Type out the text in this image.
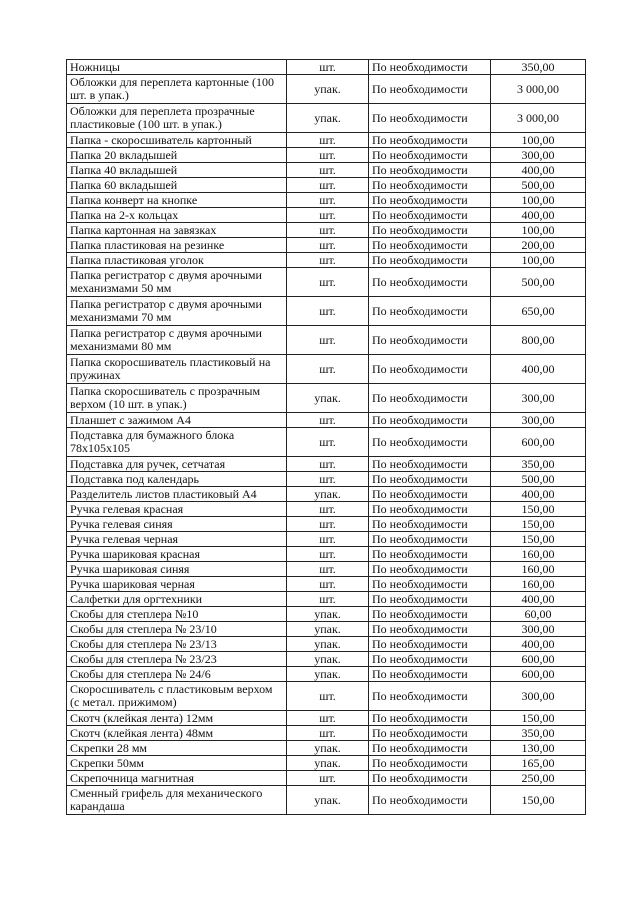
Ножницы	шт.	По необходимости	350,00
Обложки для переплета картонные (100 шт. в упак.)	упак.	По необходимости	3 000,00
Обложки для переплета прозрачные пластиковые (100 шт. в упак.)	упак.	По необходимости	3 000,00
Папка - скоросшиватель картонный	шт.	По необходимости	100,00
Папка 20 вкладышей	шт.	По необходимости	300,00
Папка 40 вкладышей	шт.	По необходимости	400,00
Папка 60 вкладышей	шт.	По необходимости	500,00
Папка конверт на кнопке	шт.	По необходимости	100,00
Папка на 2-х кольцах	шт.	По необходимости	400,00
Папка картонная на завязках	шт.	По необходимости	100,00
Папка пластиковая на резинке	шт.	По необходимости	200,00
Папка пластиковая уголок	шт.	По необходимости	100,00
Папка регистратор с двумя арочными механизмами 50 мм	шт.	По необходимости	500,00
Папка регистратор с двумя арочными механизмами 70 мм	шт.	По необходимости	650,00
Папка регистратор с двумя арочными механизмами 80 мм	шт.	По необходимости	800,00
Папка скоросшиватель пластиковый на пружинах	шт.	По необходимости	400,00
Папка скоросшиватель с прозрачным верхом (10 шт. в упак.)	упак.	По необходимости	300,00
Планшет с зажимом А4	шт.	По необходимости	300,00
Подставка для бумажного блока 78x105x105	шт.	По необходимости	600,00
Подставка для ручек, сетчатая	шт.	По необходимости	350,00
Подставка под календарь	шт.	По необходимости	500,00
Разделитель листов пластиковый А4	упак.	По необходимости	400,00
Ручка гелевая красная	шт.	По необходимости	150,00
Ручка гелевая синяя	шт.	По необходимости	150,00
Ручка гелевая черная	шт.	По необходимости	150,00
Ручка шариковая красная	шт.	По необходимости	160,00
Ручка шариковая синяя	шт.	По необходимости	160,00
Ручка шариковая черная	шт.	По необходимости	160,00
Салфетки для оргтехники	шт.	По необходимости	400,00
Скобы для степлера №10	упак.	По необходимости	60,00
Скобы для степлера № 23/10	упак.	По необходимости	300,00
Скобы для степлера № 23/13	упак.	По необходимости	400,00
Скобы для степлера № 23/23	упак.	По необходимости	600,00
Скобы для степлера № 24/6	упак.	По необходимости	600,00
Скоросшиватель с пластиковым верхом (с метал. прижимом)	шт.	По необходимости	300,00
Скотч (клейкая лента) 12мм	шт.	По необходимости	150,00
Скотч (клейкая лента) 48мм	шт.	По необходимости	350,00
Скрепки 28 мм	упак.	По необходимости	130,00
Скрепки 50мм	упак.	По необходимости	165,00
Скрепочница магнитная	шт.	По необходимости	250,00
Сменный грифель для механического карандаша	упак.	По необходимости	150,00
